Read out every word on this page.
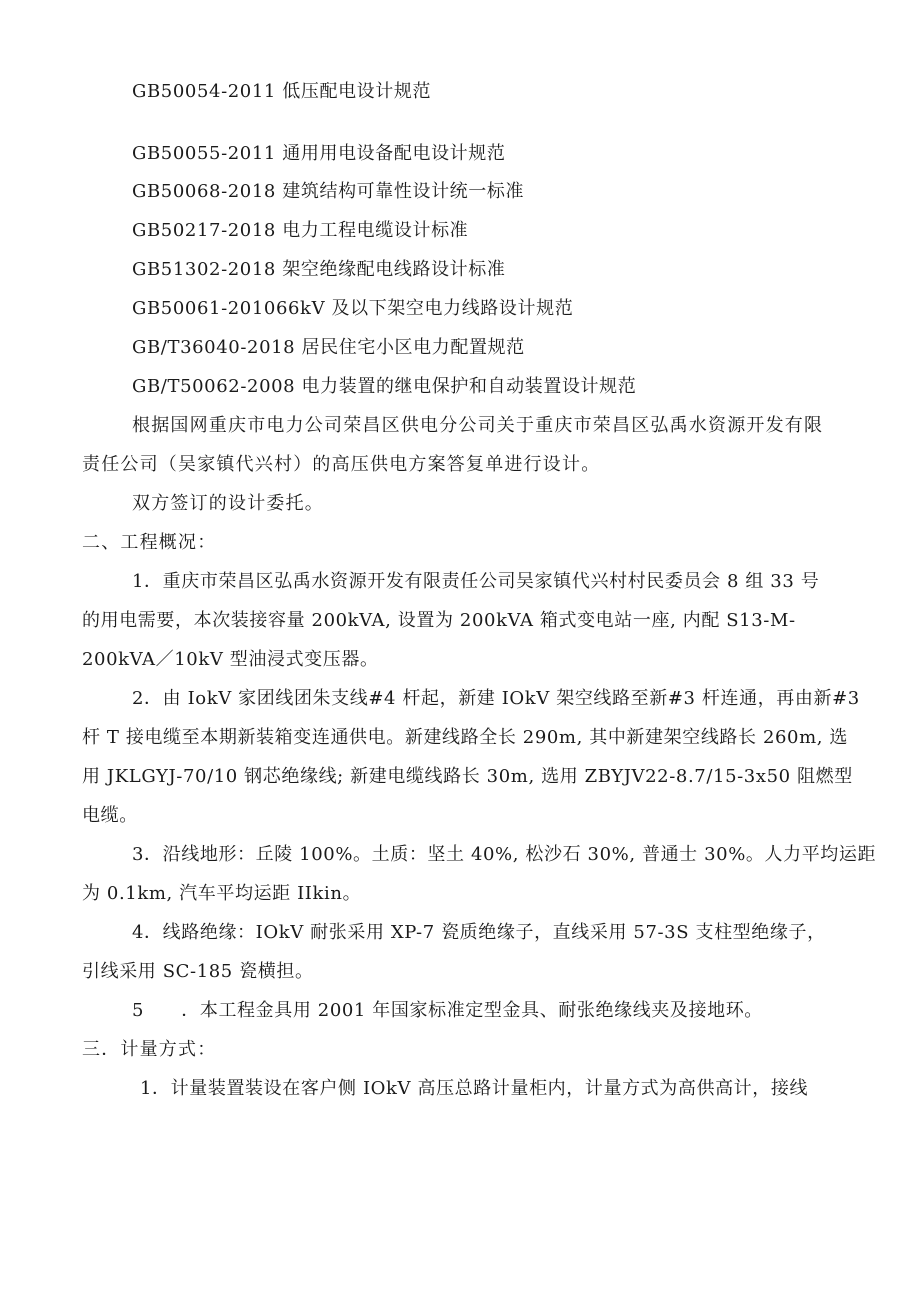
GB50054-2011 低压配电设计规范
GB50055-2011 通用用电设备配电设计规范
GB50068-2018 建筑结构可靠性设计统一标准
GB50217-2018 电力工程电缆设计标准
GB51302-2018 架空绝缘配电线路设计标准
GB50061-201066kV 及以下架空电力线路设计规范
GB/T36040-2018 居民住宅小区电力配置规范
GB/T50062-2008 电力装置的继电保护和自动装置设计规范
根据国网重庆市电力公司荣昌区供电分公司关于重庆市荣昌区弘禹水资源开发有限
责任公司（吴家镇代兴村）的高压供电方案答复单进行设计。
双方签订的设计委托。
二、工程概况：
1．重庆市荣昌区弘禹水资源开发有限责任公司吴家镇代兴村村民委员会 8 组 33 号
的用电需要，本次装接容量 200kVA, 设置为 200kVA 箱式变电站一座, 内配 S13-M-
200kVA／10kV 型油浸式变压器。
2．由 IokV 家团线团朱支线#4 杆起，新建 IOkV 架空线路至新#3 杆连通，再由新#3
杆 T 接电缆至本期新装箱变连通供电。新建线路全长 290m, 其中新建架空线路长 260m, 选
用 JKLGYJ-70/10 钢芯绝缘线; 新建电缆线路长 30m, 选用 ZBYJV22-8.7/15-3x50 阻燃型
电缆。
3．沿线地形：丘陵 100%。土质：坚土 40%, 松沙石 30%, 普通士 30%。人力平均运距
为 0.1km, 汽车平均运距 IIkin。
4．线路绝缘：IOkV 耐张采用 XP-7 瓷质绝缘子，直线采用 57-3S 支柱型绝缘子，
引线采用 SC-185 瓷横担。
5　　．本工程金具用 2001 年国家标准定型金具、耐张绝缘线夹及接地环。
三．计量方式：
1．计量装置装设在客户侧 IOkV 高压总路计量柜内，计量方式为高供高计，接线
